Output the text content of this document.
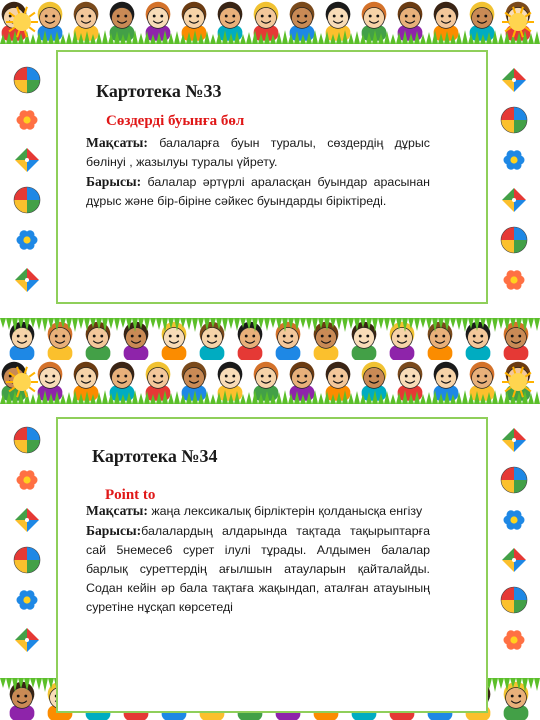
Картотека №33
Сөздерді буынға бөл

Мақсаты: балаларға буын туралы, сөздердің дұрыс бөлінуі , жазылуы туралы үйрету.

Барысы: балалар әртүрлі араласқан буындар арасынан дұрыс және бір-біріне сәйкес буындарды біріктіреді.

Картотека №34
Point to

Мақсаты: жаңа лексикалық бірліктерін қолданысқа енгізу

Барысы:балалардың алдарында тақтада тақырыптарға сай 5немесе6 сурет ілулі тұрады. Алдымен балалар барлық суреттердің ағылшын атауларын қайталайды. Содан кейін әр бала тақтаға жақындап, аталған атауының суретіне нұсқап көрсетеді
